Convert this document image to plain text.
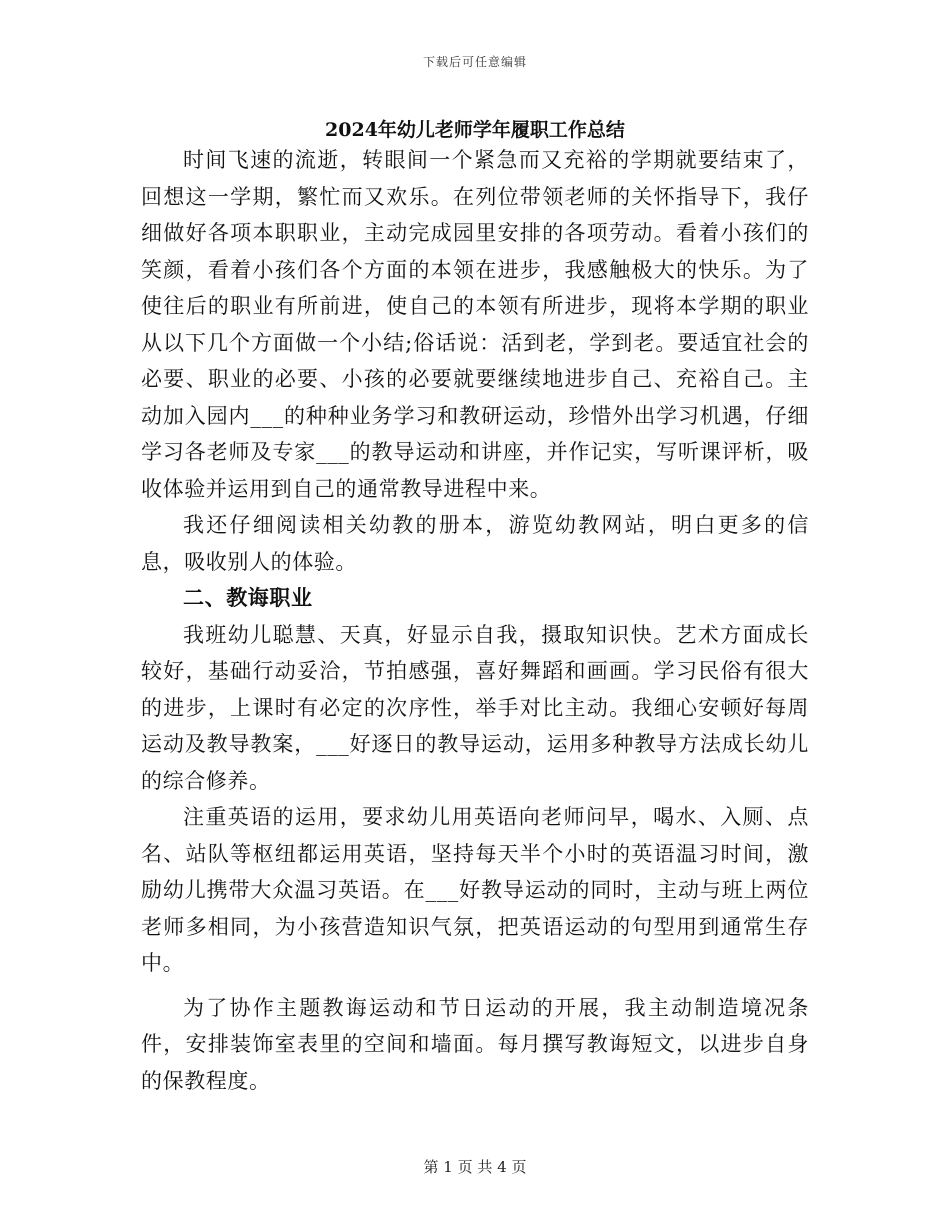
下载后可任意编辑
2024年幼儿老师学年履职工作总结

时间飞速的流逝，转眼间一个紧急而又充裕的学期就要结束了，回想这一学期，繁忙而又欢乐。在列位带领老师的关怀指导下，我仔细做好各项本职职业，主动完成园里安排的各项劳动。看着小孩们的笑颜，看着小孩们各个方面的本领在进步，我感触极大的快乐。为了使往后的职业有所前进，使自己的本领有所进步，现将本学期的职业从以下几个方面做一个小结;俗话说：活到老，学到老。要适宜社会的必要、职业的必要、小孩的必要就要继续地进步自己、充裕自己。主动加入园内___的种种业务学习和教研运动，珍惜外出学习机遇，仔细学习各老师及专家___的教导运动和讲座，并作记实，写听课评析，吸收体验并运用到自己的通常教导进程中来。

我还仔细阅读相关幼教的册本，游览幼教网站，明白更多的信息，吸收别人的体验。

二、教诲职业

我班幼儿聪慧、天真，好显示自我，摄取知识快。艺术方面成长较好，基础行动妥洽，节拍感强，喜好舞蹈和画画。学习民俗有很大的进步，上课时有必定的次序性，举手对比主动。我细心安顿好每周运动及教导教案，___好逐日的教导运动，运用多种教导方法成长幼儿的综合修养。

注重英语的运用，要求幼儿用英语向老师问早，喝水、入厕、点名、站队等枢纽都运用英语，坚持每天半个小时的英语温习时间，激励幼儿携带大众温习英语。在___好教导运动的同时，主动与班上两位老师多相同，为小孩营造知识气氛，把英语运动的句型用到通常生存中。

为了协作主题教诲运动和节日运动的开展，我主动制造境况条件，安排装饰室表里的空间和墙面。每月撰写教诲短文，以进步自身的保教程度。

第 1 页 共 4 页
